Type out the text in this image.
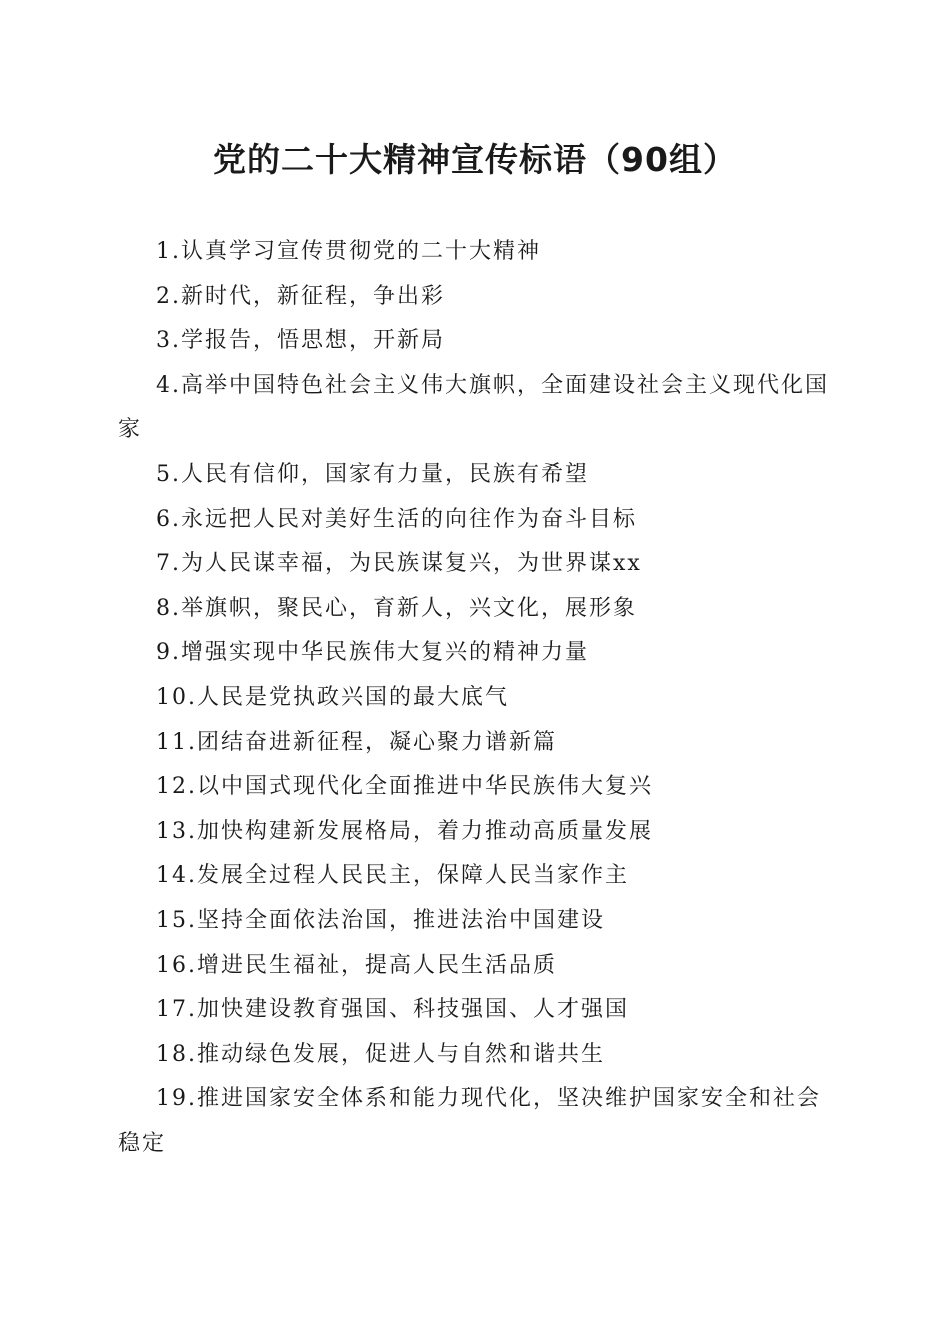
党的二十大精神宣传标语（90组）
1.认真学习宣传贯彻党的二十大精神
2.新时代，新征程，争出彩
3.学报告，悟思想，开新局
4.高举中国特色社会主义伟大旗帜，全面建设社会主义现代化国家
5.人民有信仰，国家有力量，民族有希望
6.永远把人民对美好生活的向往作为奋斗目标
7.为人民谋幸福，为民族谋复兴，为世界谋xx
8.举旗帜，聚民心，育新人，兴文化，展形象
9.增强实现中华民族伟大复兴的精神力量
10.人民是党执政兴国的最大底气
11.团结奋进新征程，凝心聚力谱新篇
12.以中国式现代化全面推进中华民族伟大复兴
13.加快构建新发展格局，着力推动高质量发展
14.发展全过程人民民主，保障人民当家作主
15.坚持全面依法治国，推进法治中国建设
16.增进民生福祉，提高人民生活品质
17.加快建设教育强国、科技强国、人才强国
18.推动绿色发展，促进人与自然和谐共生
19.推进国家安全体系和能力现代化，坚决维护国家安全和社会稳定
